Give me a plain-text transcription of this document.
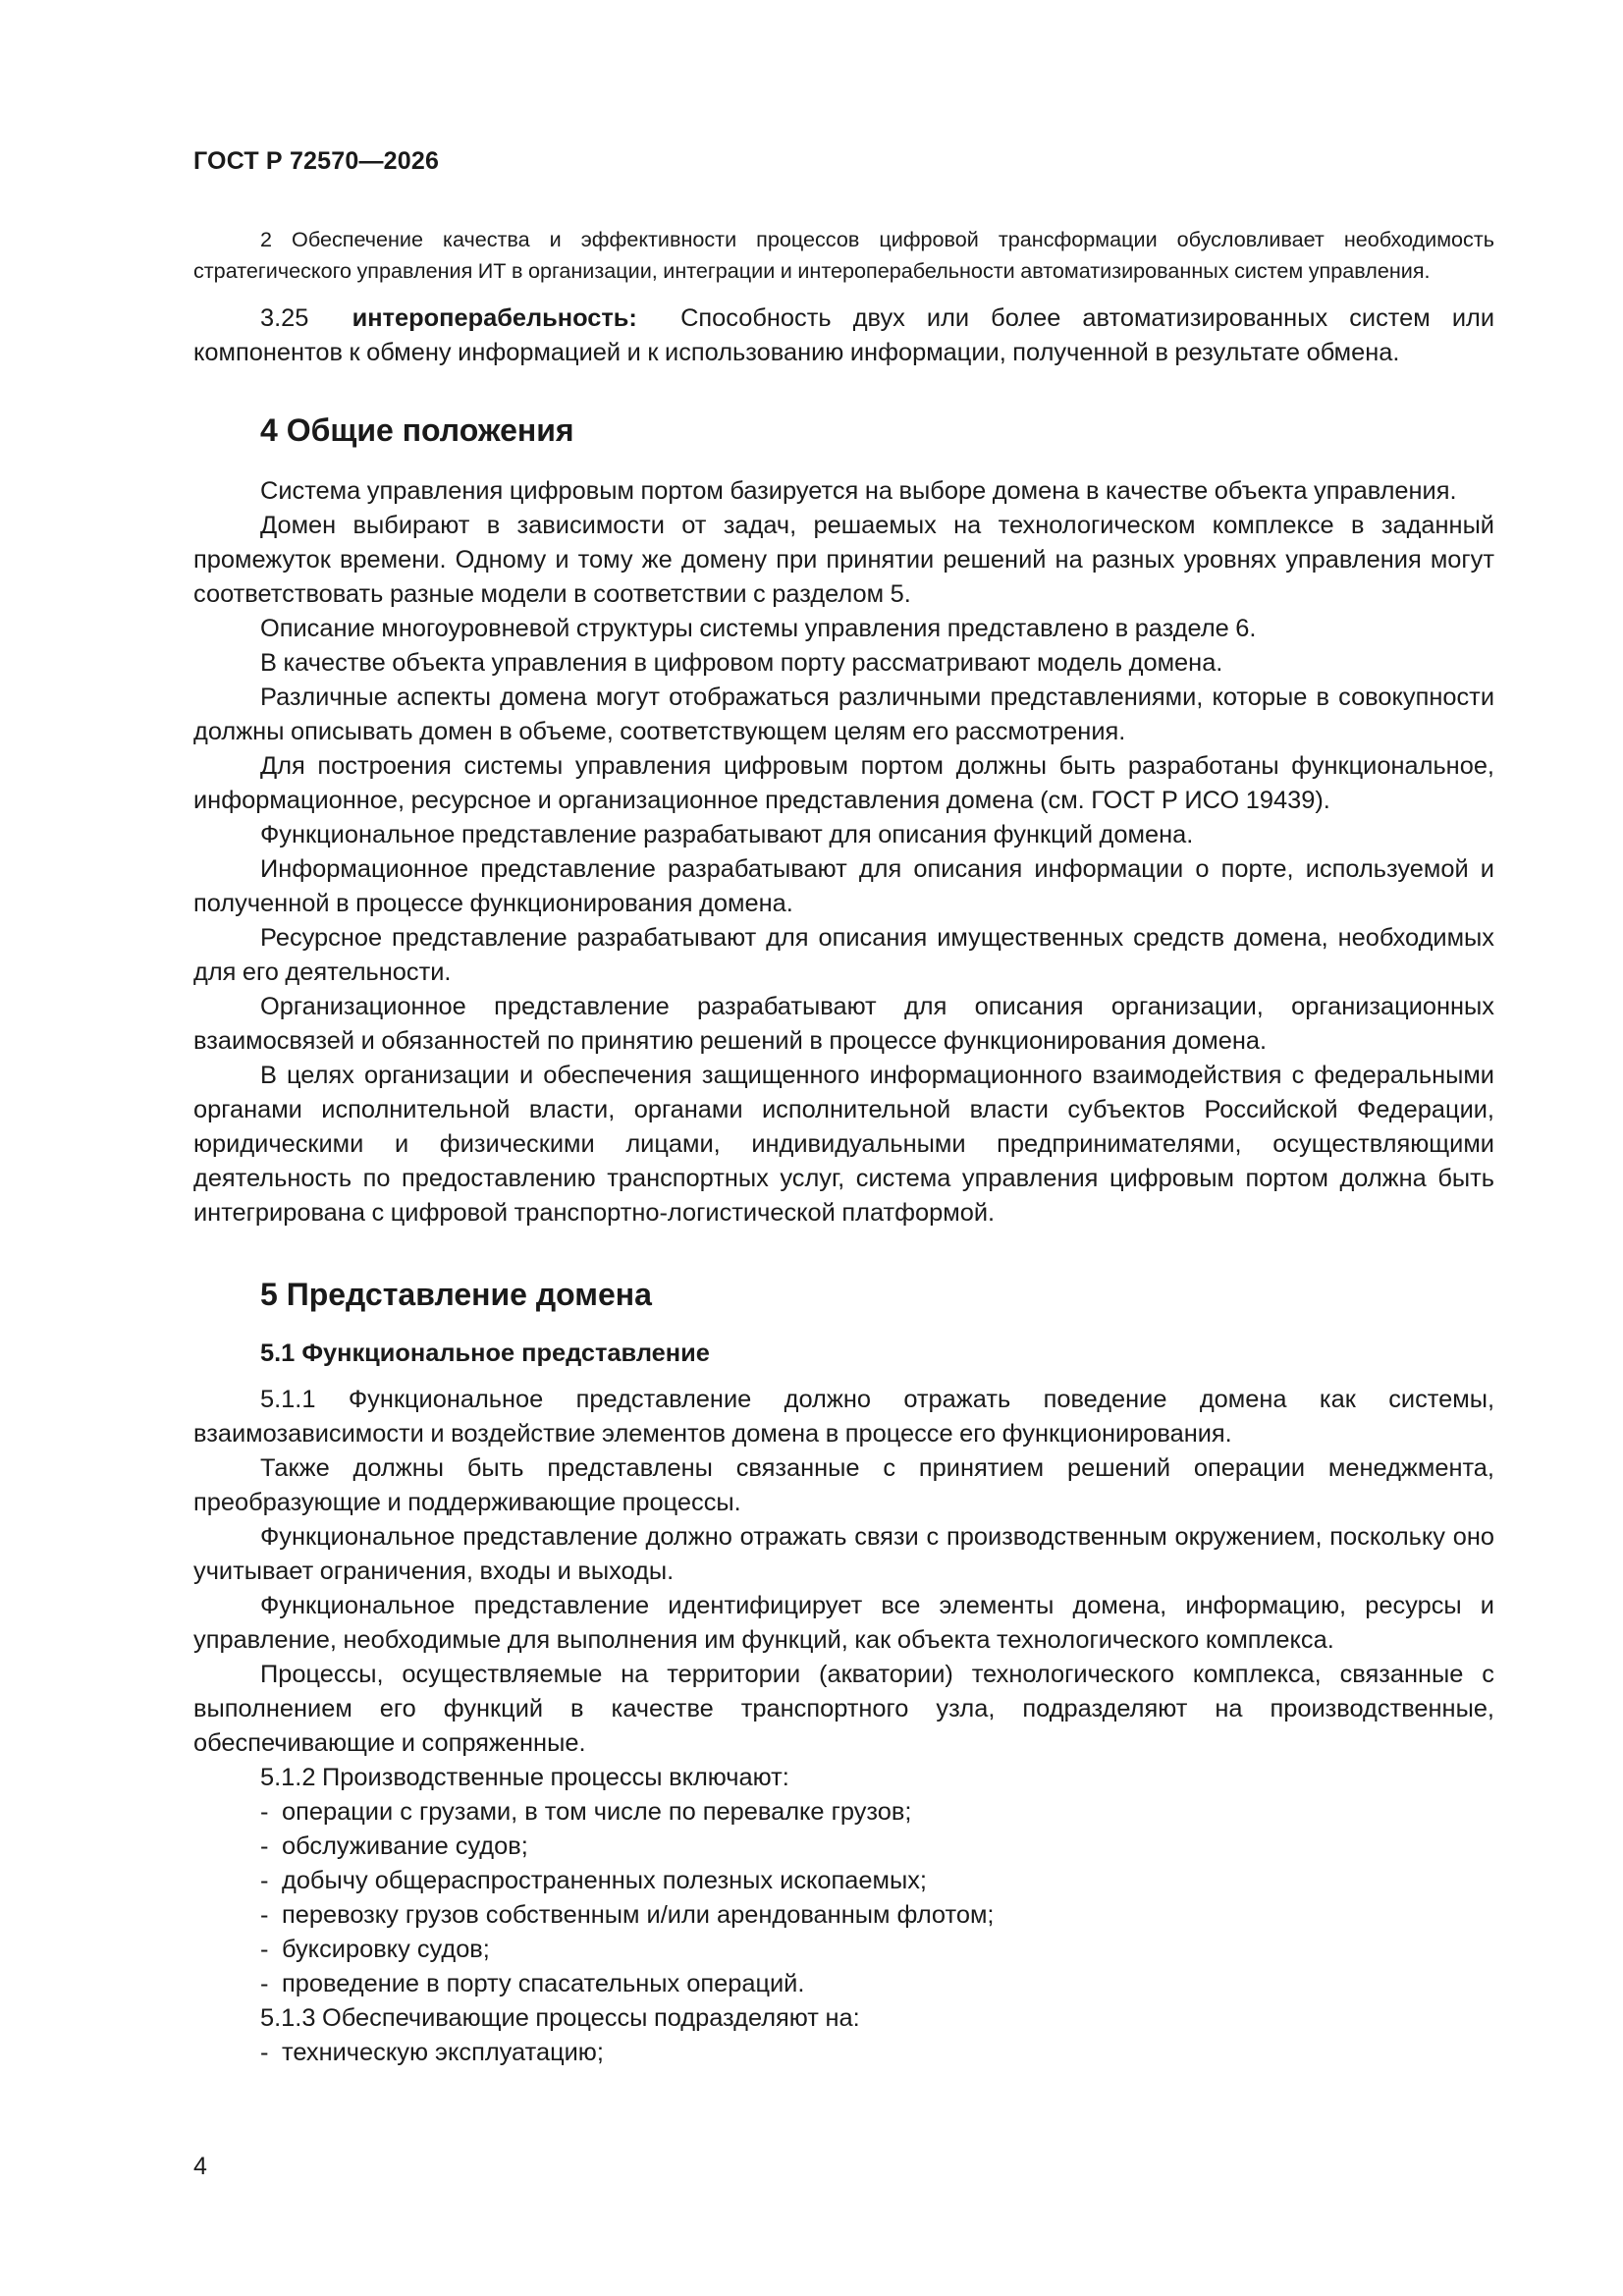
ГОСТ Р 72570—2026

2 Обеспечение качества и эффективности процессов цифровой трансформации обусловливает необходимость стратегического управления ИТ в организации, интеграции и интероперабельности автоматизированных систем управления.

3.25 интероперабельность: Способность двух или более автоматизированных систем или компонентов к обмену информацией и к использованию информации, полученной в результате обмена.

4 Общие положения

Система управления цифровым портом базируется на выборе домена в качестве объекта управления.

Домен выбирают в зависимости от задач, решаемых на технологическом комплексе в заданный промежуток времени. Одному и тому же домену при принятии решений на разных уровнях управления могут соответствовать разные модели в соответствии с разделом 5.

Описание многоуровневой структуры системы управления представлено в разделе 6.

В качестве объекта управления в цифровом порту рассматривают модель домена.

Различные аспекты домена могут отображаться различными представлениями, которые в совокупности должны описывать домен в объеме, соответствующем целям его рассмотрения.

Для построения системы управления цифровым портом должны быть разработаны функциональное, информационное, ресурсное и организационное представления домена (см. ГОСТ Р ИСО 19439).

Функциональное представление разрабатывают для описания функций домена.

Информационное представление разрабатывают для описания информации о порте, используемой и полученной в процессе функционирования домена.

Ресурсное представление разрабатывают для описания имущественных средств домена, необходимых для его деятельности.

Организационное представление разрабатывают для описания организации, организационных взаимосвязей и обязанностей по принятию решений в процессе функционирования домена.

В целях организации и обеспечения защищенного информационного взаимодействия с федеральными органами исполнительной власти, органами исполнительной власти субъектов Российской Федерации, юридическими и физическими лицами, индивидуальными предпринимателями, осуществляющими деятельность по предоставлению транспортных услуг, система управления цифровым портом должна быть интегрирована с цифровой транспортно-логистической платформой.

5 Представление домена
5.1 Функциональное представление

5.1.1 Функциональное представление должно отражать поведение домена как системы, взаимозависимости и воздействие элементов домена в процессе его функционирования.

Также должны быть представлены связанные с принятием решений операции менеджмента, преобразующие и поддерживающие процессы.

Функциональное представление должно отражать связи с производственным окружением, поскольку оно учитывает ограничения, входы и выходы.

Функциональное представление идентифицирует все элементы домена, информацию, ресурсы и управление, необходимые для выполнения им функций, как объекта технологического комплекса.

Процессы, осуществляемые на территории (акватории) технологического комплекса, связанные с выполнением его функций в качестве транспортного узла, подразделяют на производственные, обеспечивающие и сопряженные.

5.1.2 Производственные процессы включают:

- операции с грузами, в том числе по перевалке грузов;
- обслуживание судов;
- добычу общераспространенных полезных ископаемых;
- перевозку грузов собственным и/или арендованным флотом;
- буксировку судов;
- проведение в порту спасательных операций.

5.1.3 Обеспечивающие процессы подразделяют на:

- техническую эксплуатацию;
4
